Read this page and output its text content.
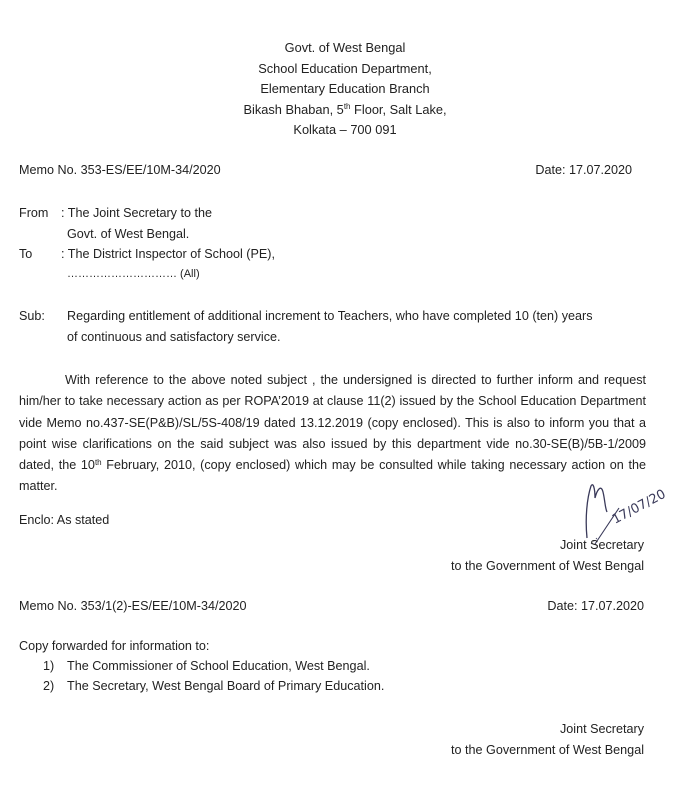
Govt. of West Bengal
School Education Department,
Elementary Education Branch
Bikash Bhaban, 5th Floor, Salt Lake,
Kolkata – 700 091
Memo No. 353-ES/EE/10M-34/2020	Date: 17.07.2020
From : The Joint Secretary to the
Govt. of West Bengal.
To : The District Inspector of School (PE),
………………………… (All)
Sub: Regarding entitlement of additional increment to Teachers, who have completed 10 (ten) years
of continuous and satisfactory service.
With reference to the above noted subject , the undersigned is directed to further inform and request him/her to take necessary action as per ROPA’2019 at clause 11(2) issued by the School Education Department vide Memo no.437-SE(P&B)/SL/5S-408/19 dated 13.12.2019 (copy enclosed). This is also to inform you that a point wise clarifications on the said subject was also issued by this department vide no.30-SE(B)/5B-1/2009 dated, the 10th February, 2010, (copy enclosed) which may be consulted while taking necessary action on the matter.
Enclo: As stated	17/07/20
Joint Secretary
to the Government of West Bengal
Memo No. 353/1(2)-ES/EE/10M-34/2020	Date: 17.07.2020
Copy forwarded for information to:
1) The Commissioner of School Education, West Bengal.
2) The Secretary, West Bengal Board of Primary Education.
Joint Secretary
to the Government of West Bengal
